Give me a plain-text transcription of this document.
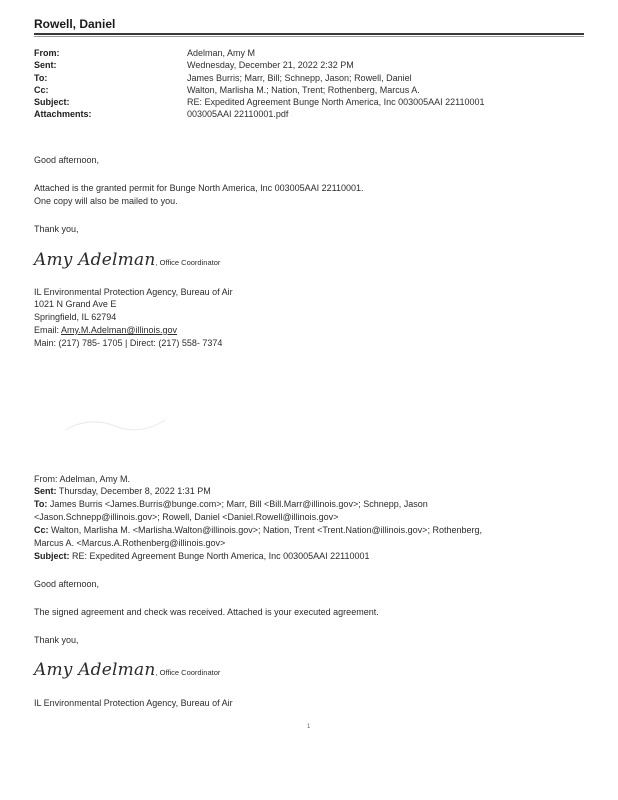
Rowell, Daniel
From:	Adelman, Amy M
Sent:	Wednesday, December 21, 2022 2:32 PM
To:	James Burris; Marr, Bill; Schnepp, Jason; Rowell, Daniel
Cc:	Walton, Marlisha M.; Nation, Trent; Rothenberg, Marcus A.
Subject:	RE: Expedited Agreement Bunge North America, Inc 003005AAI 22110001
Attachments:	003005AAI 22110001.pdf
Good afternoon,
Attached is the granted permit for Bunge North America, Inc 003005AAI 22110001.
One copy will also be mailed to you.
Thank you,
Amy Adelman , Office Coordinator
IL Environmental Protection Agency, Bureau of Air
1021 N Grand Ave E
Springfield, IL 62794
Email: Amy.M.Adelman@illinois.gov
Main: (217) 785- 1705 | Direct: (217) 558- 7374
From: Adelman, Amy M.
Sent: Thursday, December 8, 2022 1:31 PM
To: James Burris <James.Burris@bunge.com>; Marr, Bill <Bill.Marr@illinois.gov>; Schnepp, Jason
<Jason.Schnepp@illinois.gov>; Rowell, Daniel <Daniel.Rowell@illinois.gov>
Cc: Walton, Marlisha M. <Marlisha.Walton@illinois.gov>; Nation, Trent <Trent.Nation@illinois.gov>; Rothenberg,
Marcus A. <Marcus.A.Rothenberg@illinois.gov>
Subject: RE: Expedited Agreement Bunge North America, Inc 003005AAI 22110001
Good afternoon,
The signed agreement and check was received. Attached is your executed agreement.
Thank you,
Amy Adelman , Office Coordinator
IL Environmental Protection Agency, Bureau of Air
1
